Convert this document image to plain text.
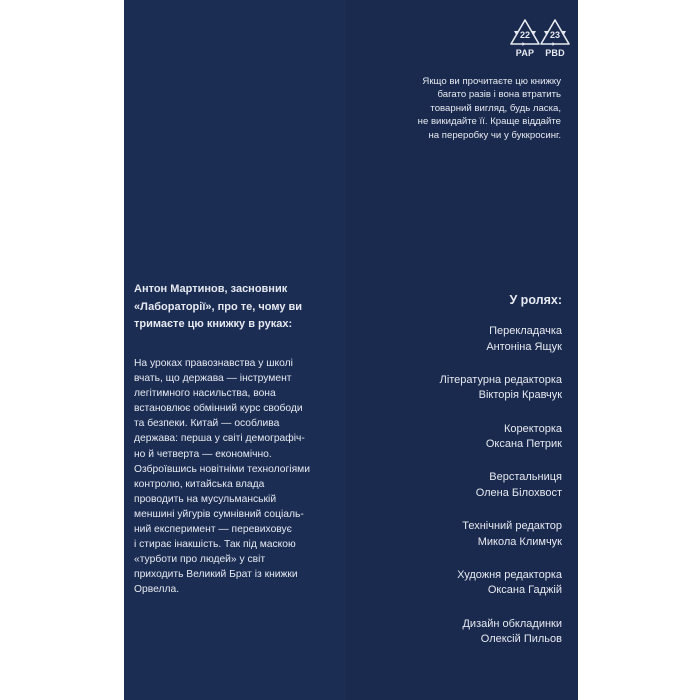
22
PAP
23
PBD
Якщо ви прочитаєте цю книжку
багато разів і вона втратить
товарний вигляд, будь ласка,
не викидайте її. Краще віддайте
на переробку чи у буккросинг.
Антон Мартинов, засновник
«Лабораторії», про те, чому ви
тримаєте цю книжку в руках:
На уроках правознавства у школі
вчать, що держава — інструмент
легітимного насильства, вона
встановлює обмінний курс свободи
та безпеки. Китай — особлива
держава: перша у світі демографіч-
но й четверта — економічно.
Озброївшись новітніми технологіями
контролю, китайська влада
проводить на мусульманській
меншині уйгурів сумнівний соціаль-
ний експеримент — перевиховує
і стирає інакшість. Так під маскою
«турботи про людей» у світ
приходить Великий Брат із книжки
Орвелла.
У ролях:
Перекладачка
Антоніна Ящук
Літературна редакторка
Вікторія Кравчук
Коректорка
Оксана Петрик
Верстальниця
Олена Білохвост
Технічний редактор
Микола Климчук
Художня редакторка
Оксана Гаджій
Дизайн обкладинки
Олексій Пильов
